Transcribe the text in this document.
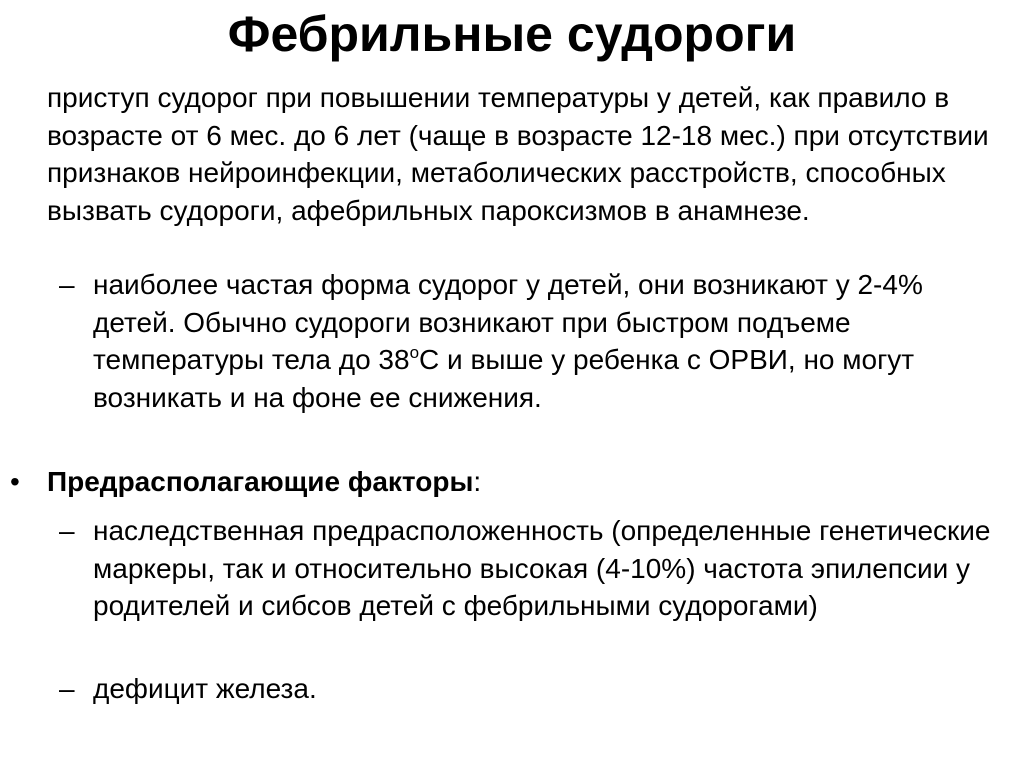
Фебрильные судороги
приступ судорог при повышении температуры у детей, как правило в возрасте от 6 мес. до 6 лет (чаще в возрасте 12-18 мес.) при отсутствии признаков нейроинфекции, метаболических расстройств, способных вызвать судороги, афебрильных пароксизмов в анамнезе.
– наиболее частая форма судорог у детей, они возникают у 2-4% детей. Обычно судороги возникают при быстром подъеме температуры тела до $38^оС$ и выше у ребенка с ОРВИ, но могут возникать и на фоне ее снижения.
• Предрасполагающие факторы:
– наследственная предрасположенность (определенные генетические маркеры, так и относительно высокая (4-10%) частота эпилепсии у родителей и сибсов детей с фебрильными судорогами)
– дефицит железа.
